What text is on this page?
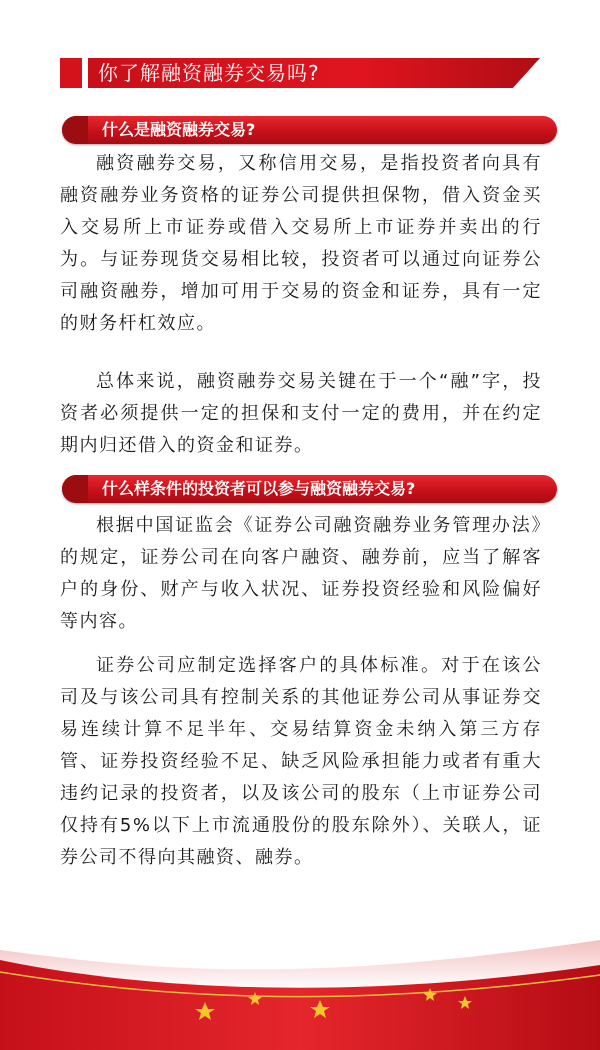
你了解融资融券交易吗?
什么是融资融券交易?

融资融券交易，又称信用交易，是指投资者向具有融资融券业务资格的证券公司提供担保物，借入资金买入交易所上市证券或借入交易所上市证券并卖出的行为。与证券现货交易相比较，投资者可以通过向证券公司融资融券，增加可用于交易的资金和证券，具有一定的财务杆杠效应。

总体来说，融资融券交易关键在于一个“融”字，投资者必须提供一定的担保和支付一定的费用，并在约定期内归还借入的资金和证券。

什么样条件的投资者可以参与融资融券交易?

根据中国证监会《证券公司融资融券业务管理办法》的规定，证券公司在向客户融资、融券前，应当了解客户的身份、财产与收入状况、证券投资经验和风险偏好等内容。

证券公司应制定选择客户的具体标准。对于在该公司及与该公司具有控制关系的其他证券公司从事证券交易连续计算不足半年、交易结算资金未纳入第三方存管、证券投资经验不足、缺乏风险承担能力或者有重大违约记录的投资者，以及该公司的股东（上市证券公司仅持有5%以下上市流通股份的股东除外）、关联人，证券公司不得向其融资、融券。
